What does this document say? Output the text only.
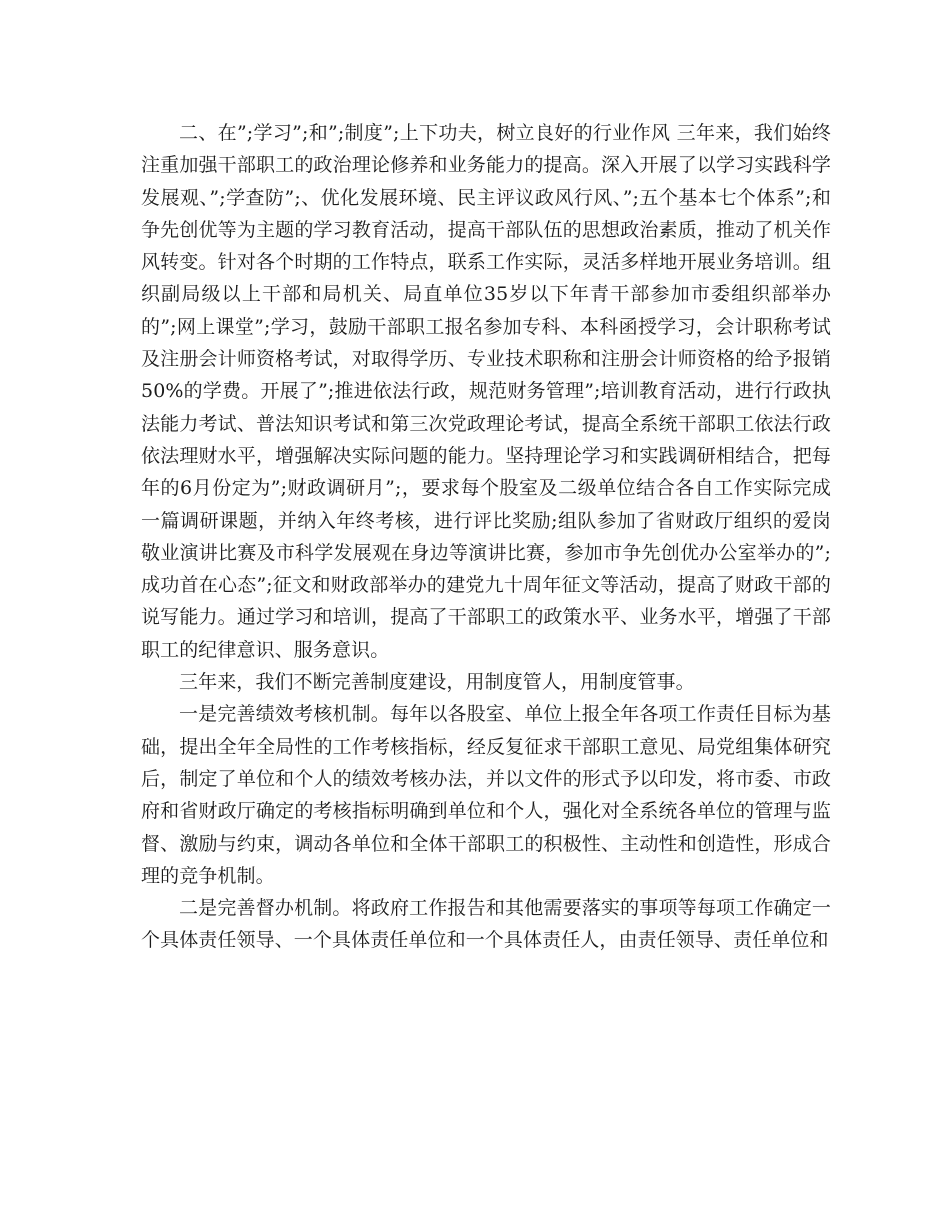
二、在”;学习”;和”;制度”;上下功夫，树立良好的行业作风 三年来，我们始终注重加强干部职工的政治理论修养和业务能力的提高。深入开展了以学习实践科学发展观、”;学查防”;、优化发展环境、民主评议政风行风、”;五个基本七个体系”;和争先创优等为主题的学习教育活动，提高干部队伍的思想政治素质，推动了机关作风转变。针对各个时期的工作特点，联系工作实际，灵活多样地开展业务培训。组织副局级以上干部和局机关、局直单位35岁以下年青干部参加市委组织部举办的”;网上课堂”;学习，鼓励干部职工报名参加专科、本科函授学习，会计职称考试及注册会计师资格考试，对取得学历、专业技术职称和注册会计师资格的给予报销50%的学费。开展了”;推进依法行政，规范财务管理”;培训教育活动，进行行政执法能力考试、普法知识考试和第三次党政理论考试，提高全系统干部职工依法行政依法理财水平，增强解决实际问题的能力。坚持理论学习和实践调研相结合，把每年的6月份定为”;财政调研月”;，要求每个股室及二级单位结合各自工作实际完成一篇调研课题，并纳入年终考核，进行评比奖励;组队参加了省财政厅组织的爱岗敬业演讲比赛及市科学发展观在身边等演讲比赛，参加市争先创优办公室举办的”;成功首在心态”;征文和财政部举办的建党九十周年征文等活动，提高了财政干部的说写能力。通过学习和培训，提高了干部职工的政策水平、业务水平，增强了干部职工的纪律意识、服务意识。

三年来，我们不断完善制度建设，用制度管人，用制度管事。

一是完善绩效考核机制。每年以各股室、单位上报全年各项工作责任目标为基础，提出全年全局性的工作考核指标，经反复征求干部职工意见、局党组集体研究后，制定了单位和个人的绩效考核办法，并以文件的形式予以印发，将市委、市政府和省财政厅确定的考核指标明确到单位和个人，强化对全系统各单位的管理与监督、激励与约束，调动各单位和全体干部职工的积极性、主动性和创造性，形成合理的竞争机制。

二是完善督办机制。将政府工作报告和其他需要落实的事项等每项工作确定一个具体责任领导、一个具体责任单位和一个具体责任人，由责任领导、责任单位和
